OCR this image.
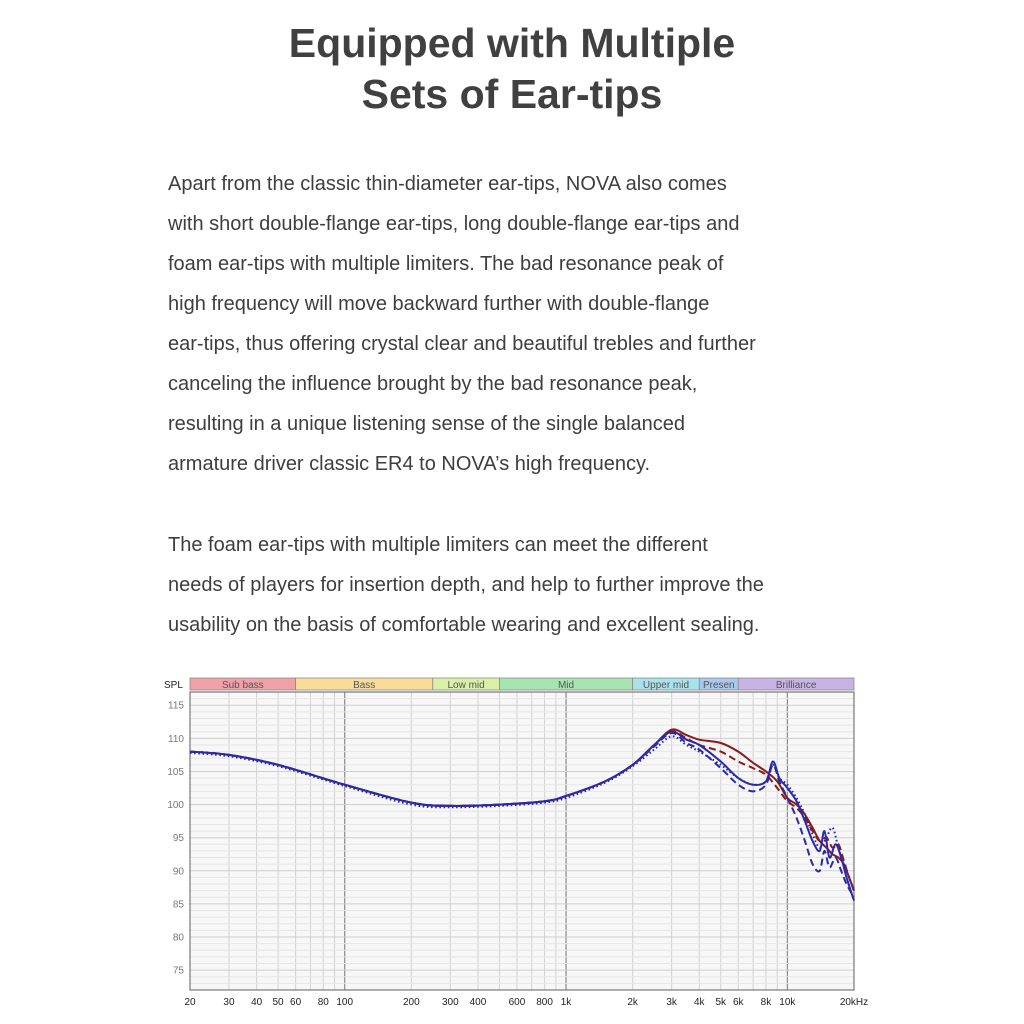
Equipped with Multiple
Sets of Ear-tips
Apart from the classic thin-diameter ear-tips, NOVA also comes
with short double-flange ear-tips, long double-flange ear-tips and
foam ear-tips with multiple limiters. The bad resonance peak of
high frequency will move backward further with double-flange
ear-tips, thus offering crystal clear and beautiful trebles and further
canceling the influence brought by the bad resonance peak,
resulting in a unique listening sense of the single balanced
armature driver classic ER4 to NOVA’s high frequency.
The foam ear-tips with multiple limiters can meet the different
needs of players for insertion depth, and help to further improve the
usability on the basis of comfortable wearing and excellent sealing.
Sub bass	Bass	Low mid	Mid	Upper mid Presen	Brilliance
SPL
75
80
85
90
95
100
105
110
115
20	30 40 50 60 80 100	200 300 400 600 800 1k	2k	3k 4k 5k 6k 8k 10k	20kHz
